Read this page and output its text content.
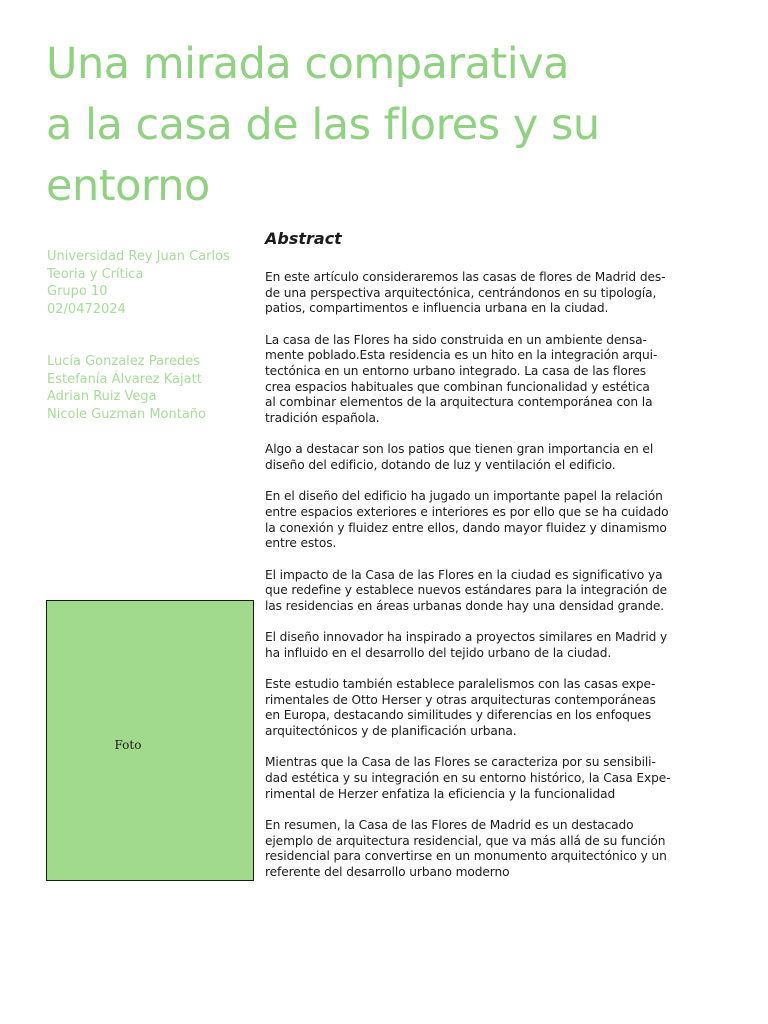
Una mirada comparativa
a la casa de las flores y su
entorno
Universidad Rey Juan Carlos
Teoria y Crítica
Grupo 10
02/0472024
Lucía Gonzalez Paredes
Estefanía Álvarez Kajatt
Adrian Ruiz Vega
Nicole Guzman Montaño
Abstract

En este artículo consideraremos las casas de flores de Madrid des-
de una perspectiva arquitectónica, centrándonos en su tipología,
patios, compartimentos e influencia urbana en la ciudad.

La casa de las Flores ha sido construida en un ambiente densa-
mente poblado.Esta residencia es un hito en la integración arqui-
tectónica en un entorno urbano integrado. La casa de las flores
crea espacios habituales que combinan funcionalidad y estética
al combinar elementos de la arquitectura contemporánea con la
tradición española.

Algo a destacar son los patios que tienen gran importancia en el
diseño del edificio, dotando de luz y ventilación el edificio.

En el diseño del edificio ha jugado un importante papel la relación
entre espacios exteriores e interiores es por ello que se ha cuidado
la conexión y fluidez entre ellos, dando mayor fluidez y dinamismo
entre estos.

El impacto de la Casa de las Flores en la ciudad es significativo ya
que redefine y establece nuevos estándares para la integración de
las residencias en áreas urbanas donde hay una densidad grande.

El diseño innovador ha inspirado a proyectos similares en Madrid y
ha influido en el desarrollo del tejido urbano de la ciudad.

Este estudio también establece paralelismos con las casas expe-
rimentales de Otto Herser y otras arquitecturas contemporáneas
en Europa, destacando similitudes y diferencias en los enfoques
arquitectónicos y de planificación urbana.

Mientras que la Casa de las Flores se caracteriza por su sensibili-
dad estética y su integración en su entorno histórico, la Casa Expe-
rimental de Herzer enfatiza la eficiencia y la funcionalidad

En resumen, la Casa de las Flores de Madrid es un destacado
ejemplo de arquitectura residencial, que va más allá de su función
residencial para convertirse en un monumento arquitectónico y un
referente del desarrollo urbano moderno

Foto
